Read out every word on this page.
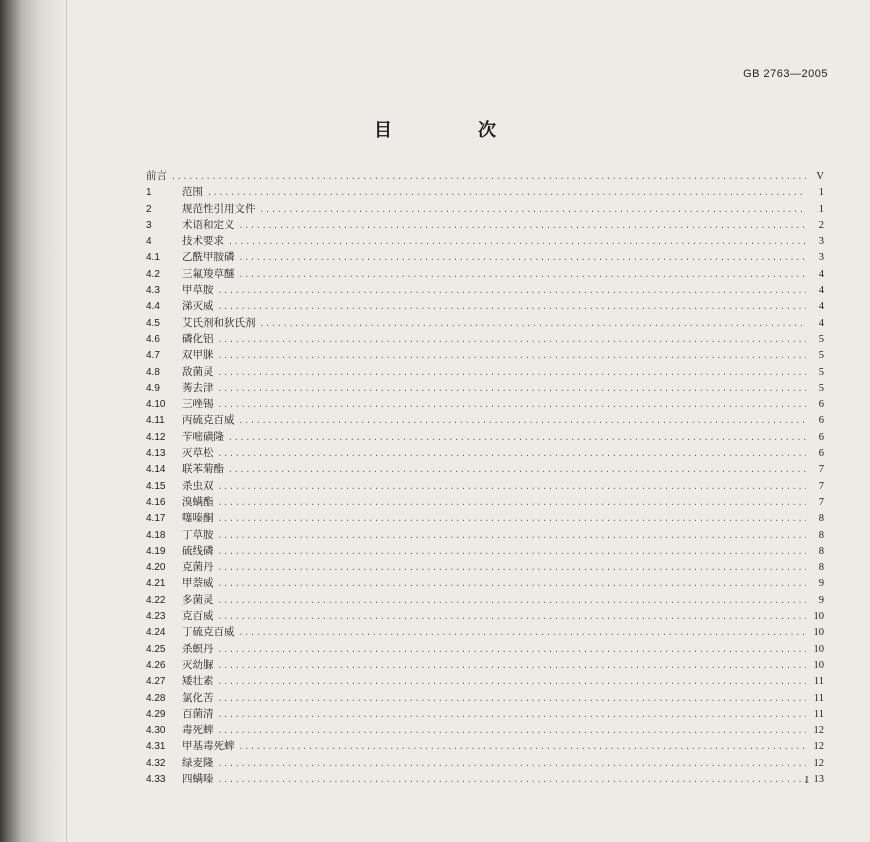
GB 2763—2005
目　次
前言 .....	V
1	范围 .....	1
2	规范性引用文件 .....	1
3	术语和定义 .....	2
4	技术要求 .....	3
4.1	乙酰甲胺磷 .....	3
4.2	三氟羧草醚 .....	4
4.3	甲草胺 .....	4
4.4	涕灭威 .....	4
4.5	艾氏剂和狄氏剂 .....	4
4.6	磷化铝 .....	5
4.7	双甲脒 .....	5
4.8	敌菌灵 .....	5
4.9	莠去津 .....	5
4.10	三唑锡 .....	6
4.11	丙硫克百威 .....	6
4.12	苄嘧磺隆 .....	6
4.13	灭草松 .....	6
4.14	联苯菊酯 .....	7
4.15	杀虫双 .....	7
4.16	溴螨酯 .....	7
4.17	噻嗪酮 .....	8
4.18	丁草胺 .....	8
4.19	硫线磷 .....	8
4.20	克菌丹 .....	8
4.21	甲萘威 .....	9
4.22	多菌灵 .....	9
4.23	克百威 .....	10
4.24	丁硫克百威 .....	10
4.25	杀螟丹 .....	10
4.26	灭幼脲 .....	10
4.27	矮壮素 .....	11
4.28	氯化苦 .....	11
4.29	百菌清 .....	11
4.30	毒死蜱 .....	12
4.31	甲基毒死蜱 .....	12
4.32	绿麦隆 .....	12
4.33	四螨嗪 .....	13
1
